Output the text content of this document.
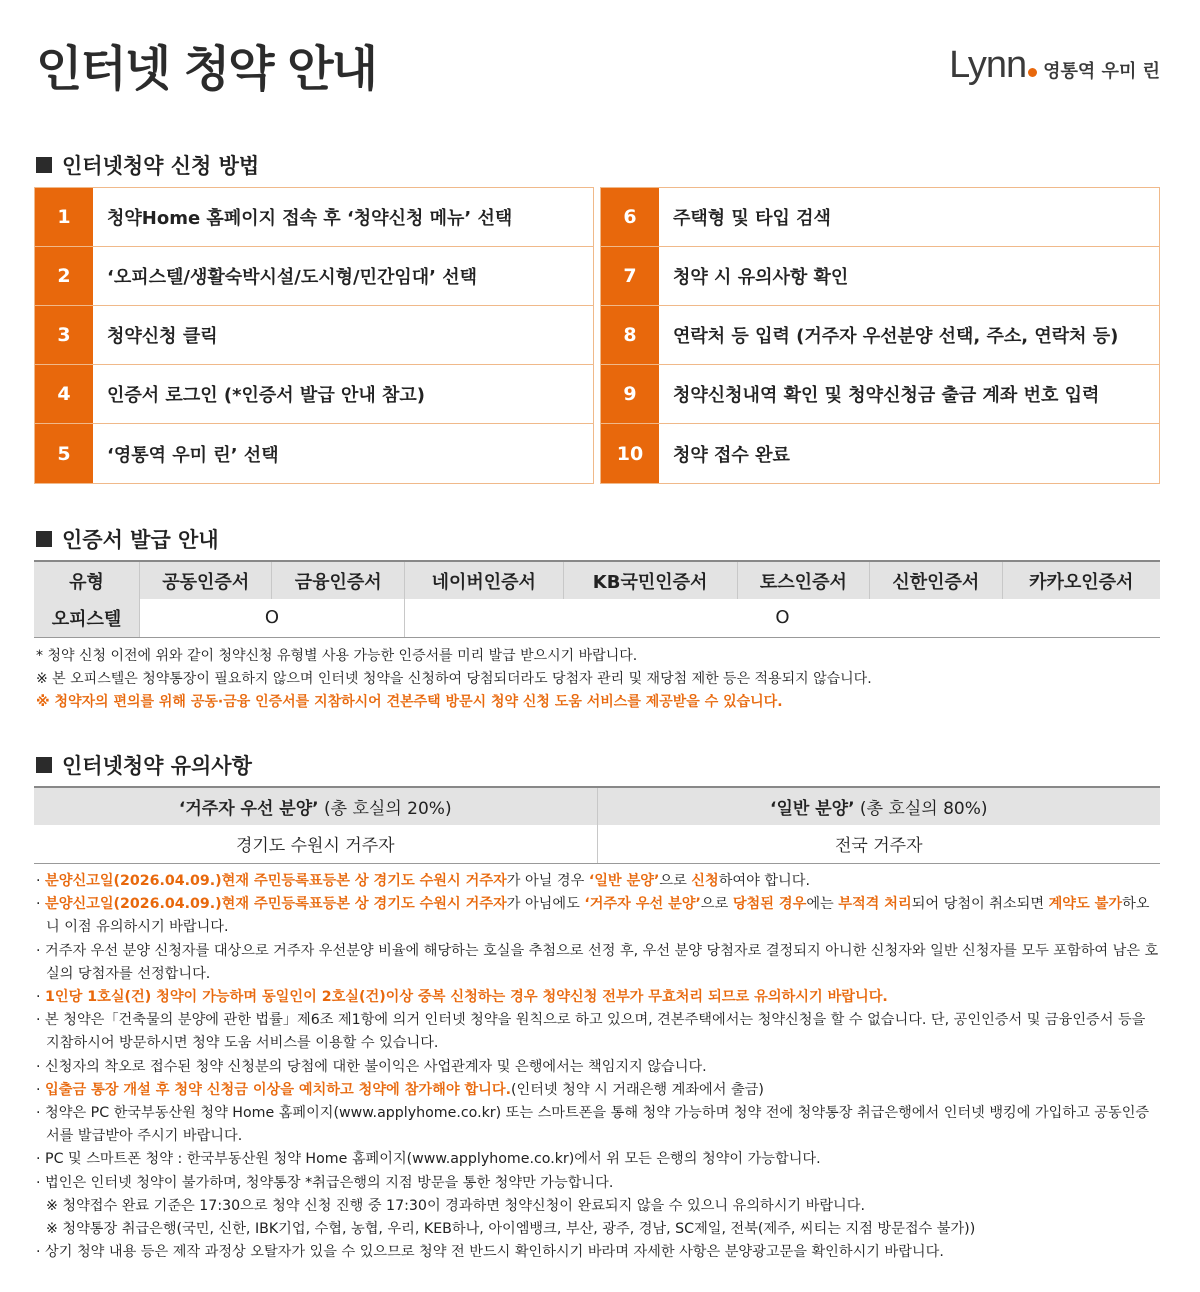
인터넷 청약 안내	Lynn 영통역 우미 린
인터넷청약 신청 방법
1	청약Home 홈페이지 접속 후 ‘청약신청 메뉴’ 선택
2	‘오피스텔/생활숙박시설/도시형/민간임대’ 선택
3	청약신청 클릭
4	인증서 로그인 (*인증서 발급 안내 참고)
5	‘영통역 우미 린’ 선택
6	주택형 및 타입 검색
7	청약 시 유의사항 확인
8	연락처 등 입력 (거주자 우선분양 선택, 주소, 연락처 등)
9	청약신청내역 확인 및 청약신청금 출금 계좌 번호 입력
10	청약 접수 완료
인증서 발급 안내
유형	공동인증서	금융인증서	네이버인증서	KB국민인증서	토스인증서	신한인증서	카카오인증서
오피스텔	O		O				
* 청약 신청 이전에 위와 같이 청약신청 유형별 사용 가능한 인증서를 미리 발급 받으시기 바랍니다.
※ 본 오피스텔은 청약통장이 필요하지 않으며 인터넷 청약을 신청하여 당첨되더라도 당첨자 관리 및 재당첨 제한 등은 적용되지 않습니다.
※ 청약자의 편의를 위해 공동·금융 인증서를 지참하시어 견본주택 방문시 청약 신청 도움 서비스를 제공받을 수 있습니다.
인터넷청약 유의사항
‘거주자 우선 분양’ (총 호실의 20%)	‘일반 분양’ (총 호실의 80%)
경기도 수원시 거주자	전국 거주자
· 분양신고일(2026.04.09.)현재 주민등록표등본 상 경기도 수원시 거주자가 아닐 경우 ‘일반 분양’으로 신청하여야 합니다.
· 분양신고일(2026.04.09.)현재 주민등록표등본 상 경기도 수원시 거주자가 아님에도 ‘거주자 우선 분양’으로 당첨된 경우에는 부적격 처리되어 당첨이 취소되면 계약도 불가하오니 이점 유의하시기 바랍니다.
· 거주자 우선 분양 신청자를 대상으로 거주자 우선분양 비율에 해당하는 호실을 추첨으로 선정 후, 우선 분양 당첨자로 결정되지 아니한 신청자와 일반 신청자를 모두 포함하여 남은 호실의 당첨자를 선정합니다.
· 1인당 1호실(건) 청약이 가능하며 동일인이 2호실(건)이상 중복 신청하는 경우 청약신청 전부가 무효처리 되므로 유의하시기 바랍니다.
· 본 청약은「건축물의 분양에 관한 법률」제6조 제1항에 의거 인터넷 청약을 원칙으로 하고 있으며, 견본주택에서는 청약신청을 할 수 없습니다. 단, 공인인증서 및 금융인증서 등을 지참하시어 방문하시면 청약 도움 서비스를 이용할 수 있습니다.
· 신청자의 착오로 접수된 청약 신청분의 당첨에 대한 불이익은 사업관계자 및 은행에서는 책임지지 않습니다.
· 입출금 통장 개설 후 청약 신청금 이상을 예치하고 청약에 참가해야 합니다.(인터넷 청약 시 거래은행 계좌에서 출금)
· 청약은 PC 한국부동산원 청약 Home 홈페이지(www.applyhome.co.kr) 또는 스마트폰을 통해 청약 가능하며 청약 전에 청약통장 취급은행에서 인터넷 뱅킹에 가입하고 공동인증서를 발급받아 주시기 바랍니다.
· PC 및 스마트폰 청약 : 한국부동산원 청약 Home 홈페이지(www.applyhome.co.kr)에서 위 모든 은행의 청약이 가능합니다.
· 법인은 인터넷 청약이 불가하며, 청약통장 *취급은행의 지점 방문을 통한 청약만 가능합니다.
※ 청약접수 완료 기준은 17:30으로 청약 신청 진행 중 17:30이 경과하면 청약신청이 완료되지 않을 수 있으니 유의하시기 바랍니다.
※ 청약통장 취급은행(국민, 신한, IBK기업, 수협, 농협, 우리, KEB하나, 아이엠뱅크, 부산, 광주, 경남, SC제일, 전북(제주, 씨티는 지점 방문접수 불가))
· 상기 청약 내용 등은 제작 과정상 오탈자가 있을 수 있으므로 청약 전 반드시 확인하시기 바라며 자세한 사항은 분양광고문을 확인하시기 바랍니다.
